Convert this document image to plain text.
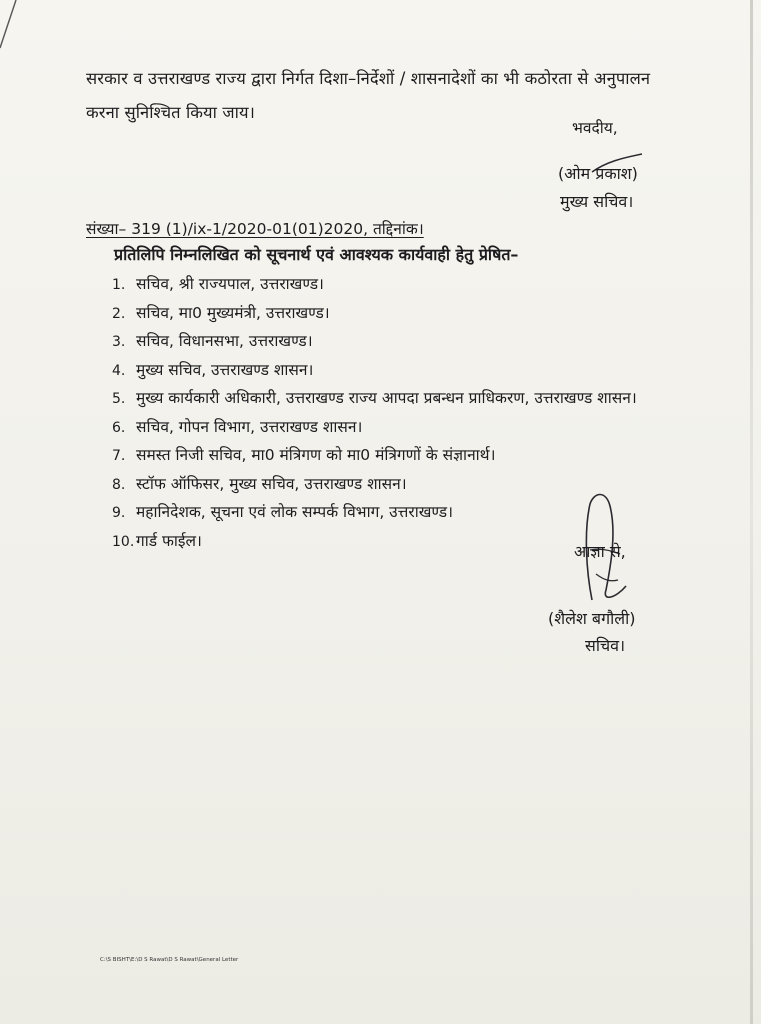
सरकार व उत्तराखण्ड राज्य द्वारा निर्गत दिशा–निर्देशों / शासनादेशों का भी कठोरता से अनुपालन
करना सुनिश्चित किया जाय।
भवदीय,
(ओम प्रकाश)
मुख्य सचिव।
संख्या– 319 (1)/ix-1/2020-01(01)2020, तद्दिनांक।
प्रतिलिपि निम्नलिखित को सूचनार्थ एवं आवश्यक कार्यवाही हेतु प्रेषित–
1. सचिव, श्री राज्यपाल, उत्तराखण्ड।
2. सचिव, मा0 मुख्यमंत्री, उत्तराखण्ड।
3. सचिव, विधानसभा, उत्तराखण्ड।
4. मुख्य सचिव, उत्तराखण्ड शासन।
5. मुख्य कार्यकारी अधिकारी, उत्तराखण्ड राज्य आपदा प्रबन्धन प्राधिकरण, उत्तराखण्ड शासन।
6. सचिव, गोपन विभाग, उत्तराखण्ड शासन।
7. समस्त निजी सचिव, मा0 मंत्रिगण को मा0 मंत्रिगणों के संज्ञानार्थ।
8. स्टॉफ ऑफिसर, मुख्य सचिव, उत्तराखण्ड शासन।
9. महानिदेशक, सूचना एवं लोक सम्पर्क विभाग, उत्तराखण्ड।
10. गार्ड फाईल।
आज्ञा से,
(शैलेश बगौली)
सचिव।
C:\S BISHT\E:\D S Rawat\D S Rawat\General Letter
